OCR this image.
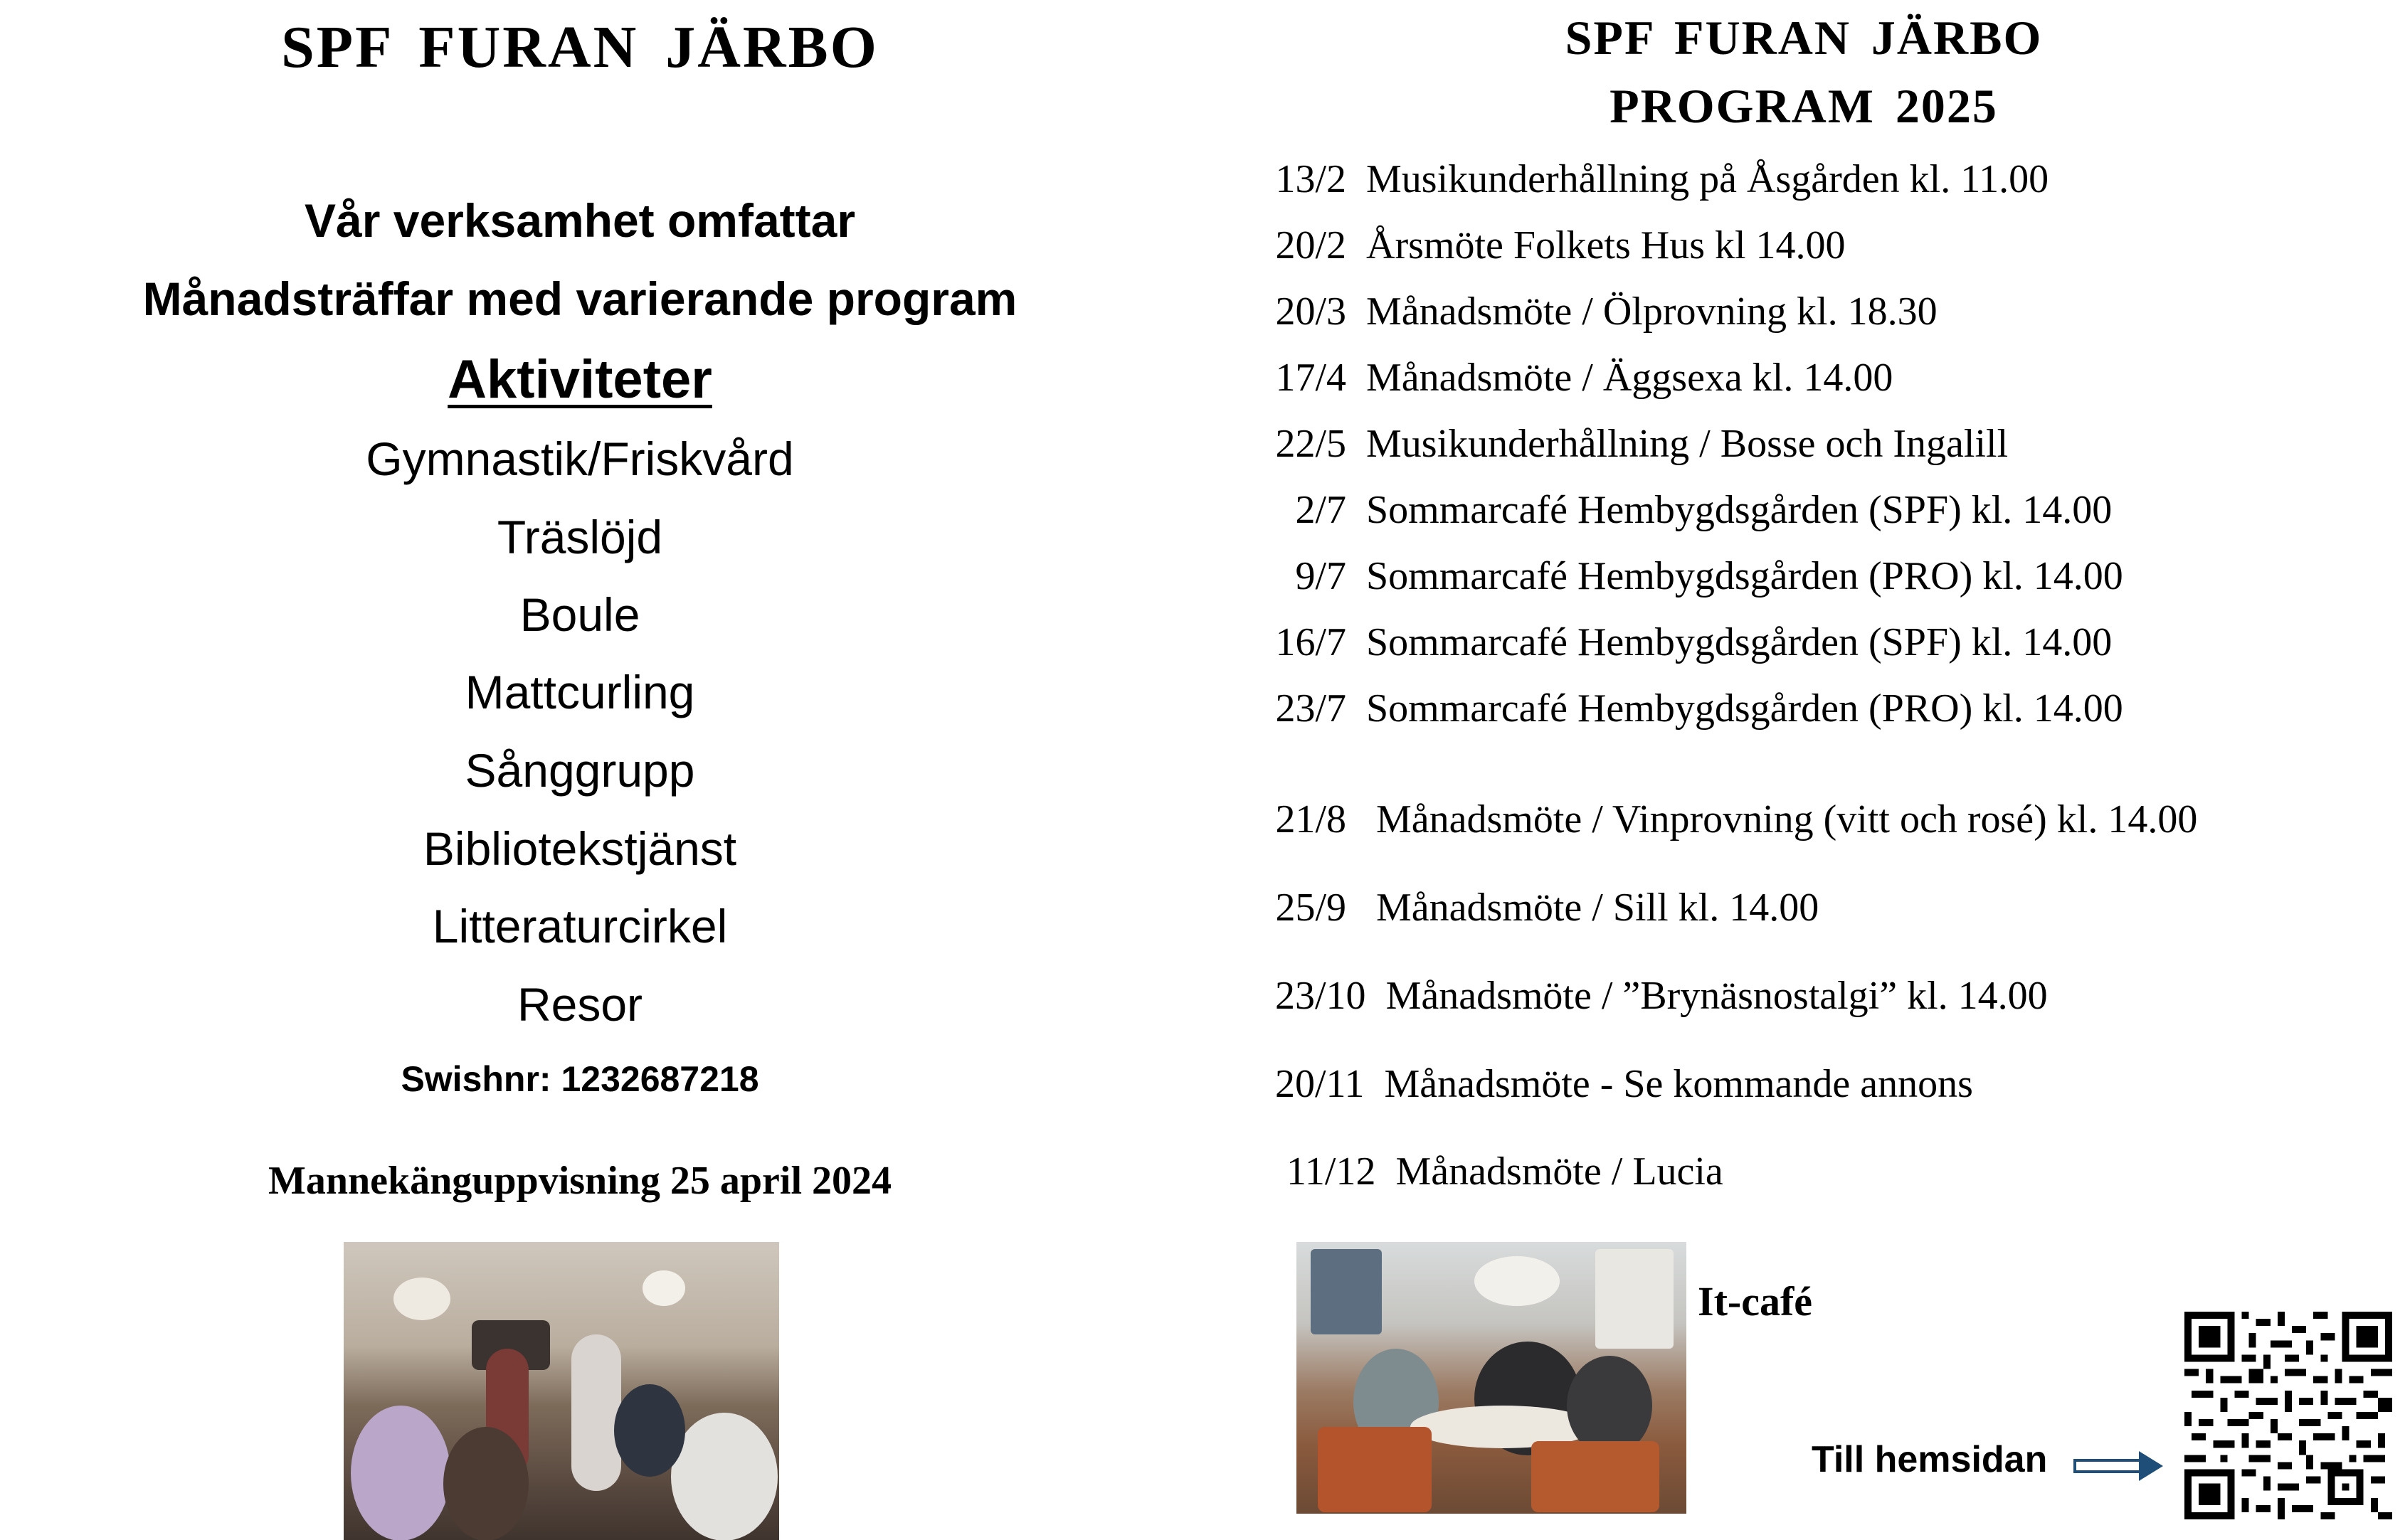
SPF FURAN JÄRBO
Vår verksamhet omfattar
Månadsträffar med varierande program
Aktiviteter
Gymnastik/Friskvård
Träslöjd
Boule
Mattcurling
Sånggrupp
Bibliotekstjänst
Litteraturcirkel
Resor
Swishnr: 1232687218
Mannekänguppvisning 25 april 2024
SPF FURAN JÄRBO
PROGRAM 2025
13/2 Musikunderhållning på Åsgården kl. 11.00
20/2 Årsmöte Folkets Hus kl 14.00
20/3 Månadsmöte / Ölprovning kl. 18.30
17/4 Månadsmöte / Äggsexa kl. 14.00
22/5 Musikunderhållning / Bosse och Ingalill
2/7 Sommarcafé Hembygdsgården (SPF) kl. 14.00
9/7 Sommarcafé Hembygdsgården (PRO) kl. 14.00
16/7 Sommarcafé Hembygdsgården (SPF) kl. 14.00
23/7 Sommarcafé Hembygdsgården (PRO) kl. 14.00
21/8 Månadsmöte / Vinprovning (vitt och rosé) kl. 14.00
25/9 Månadsmöte / Sill kl. 14.00
23/10 Månadsmöte / ”Brynäsnostalgi” kl. 14.00
20/11 Månadsmöte - Se kommande annons
11/12 Månadsmöte / Lucia
It-café
Till hemsidan
